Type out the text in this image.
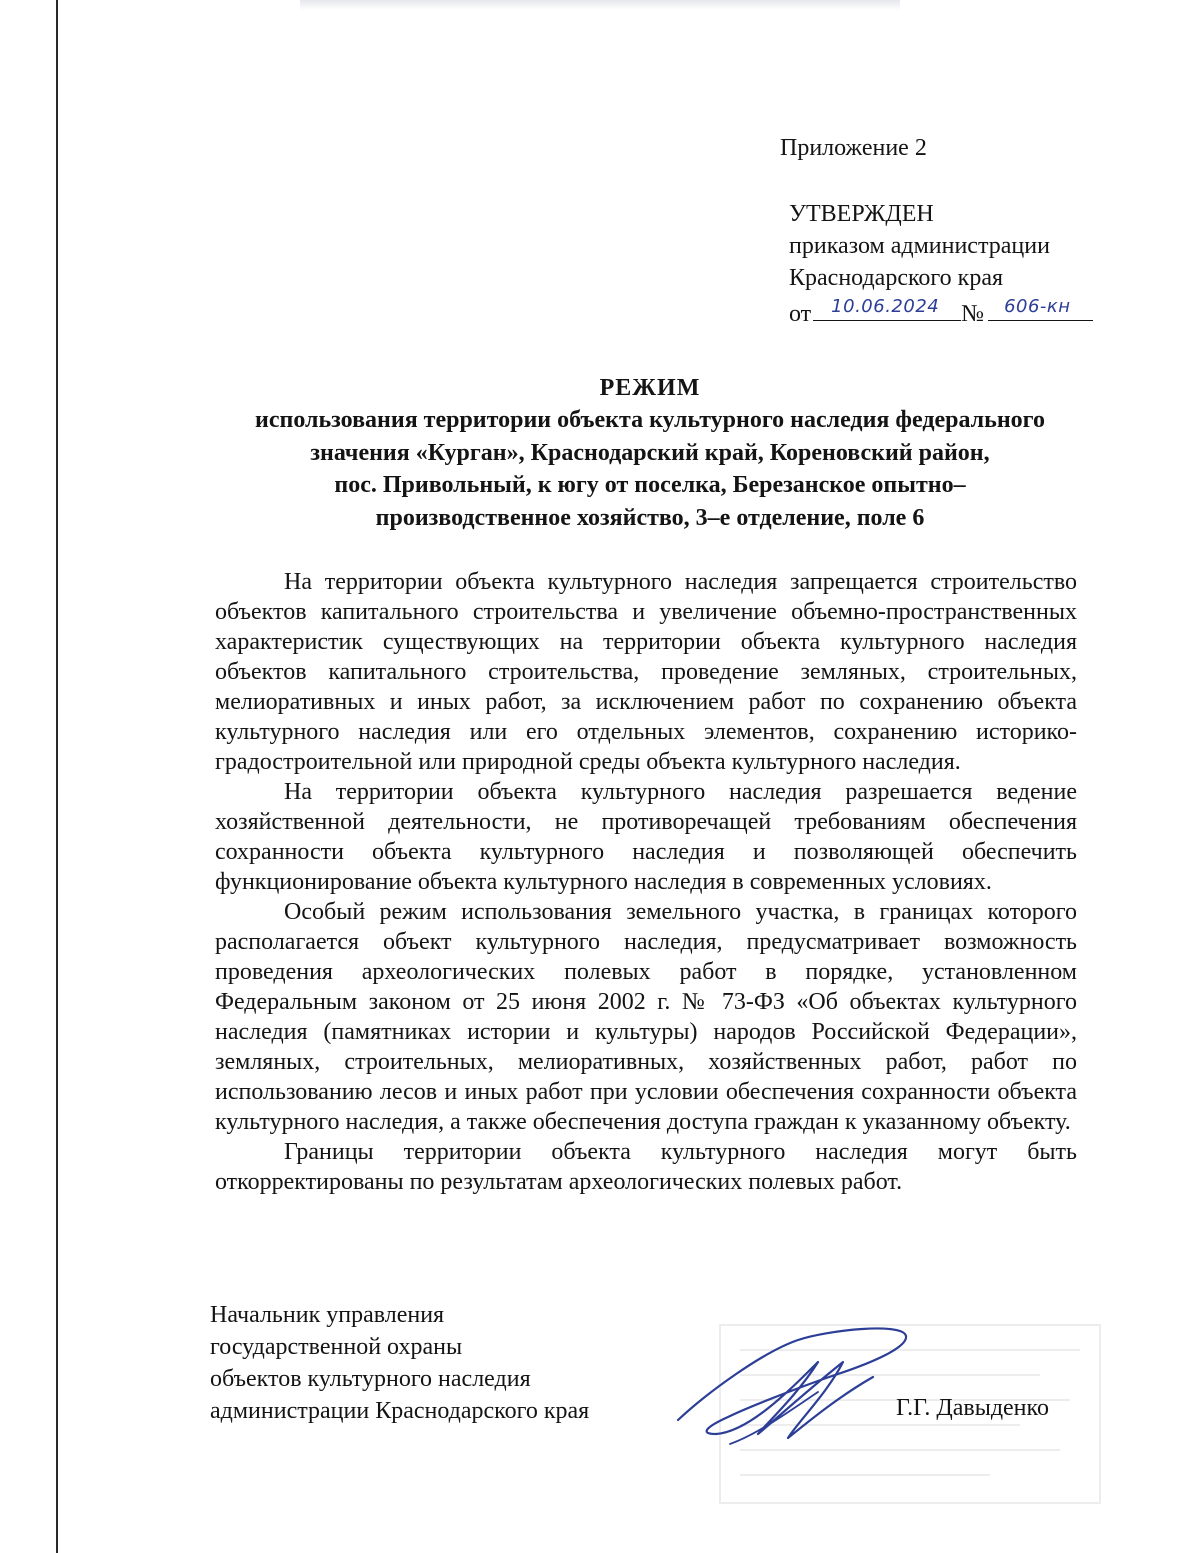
Приложение 2
УТВЕРЖДЕН
приказом администрации
Краснодарского края
от 10.06.2024 № 606-кн
РЕЖИМ
использования территории объекта культурного наследия федерального
значения «Курган», Краснодарский край, Кореновский район,
пос. Привольный, к югу от поселка, Березанское опытно–
производственное хозяйство, 3–е отделение, поле 6

На территории объекта культурного наследия запрещается строительство объектов капитального строительства и увеличение объемно-пространственных характеристик существующих на территории объекта культурного наследия объектов капитального строительства, проведение земляных, строительных, мелиоративных и иных работ, за исключением работ по сохранению объекта культурного наследия или его отдельных элементов, сохранению историко-градостроительной или природной среды объекта культурного наследия.

На территории объекта культурного наследия разрешается ведение хозяйственной деятельности, не противоречащей требованиям обеспечения сохранности объекта культурного наследия и позволяющей обеспечить функционирование объекта культурного наследия в современных условиях.

Особый режим использования земельного участка, в границах которого располагается объект культурного наследия, предусматривает возможность проведения археологических полевых работ в порядке, установленном Федеральным законом от 25 июня 2002 г. № 73-ФЗ «Об объектах культурного наследия (памятниках истории и культуры) народов Российской Федерации», земляных, строительных, мелиоративных, хозяйственных работ, работ по использованию лесов и иных работ при условии обеспечения сохранности объекта культурного наследия, а также обеспечения доступа граждан к указанному объекту.

Границы территории объекта культурного наследия могут быть откорректированы по результатам археологических полевых работ.

Начальник управления
государственной охраны
объектов культурного наследия
администрации Краснодарского края	Г.Г. Давыденко
